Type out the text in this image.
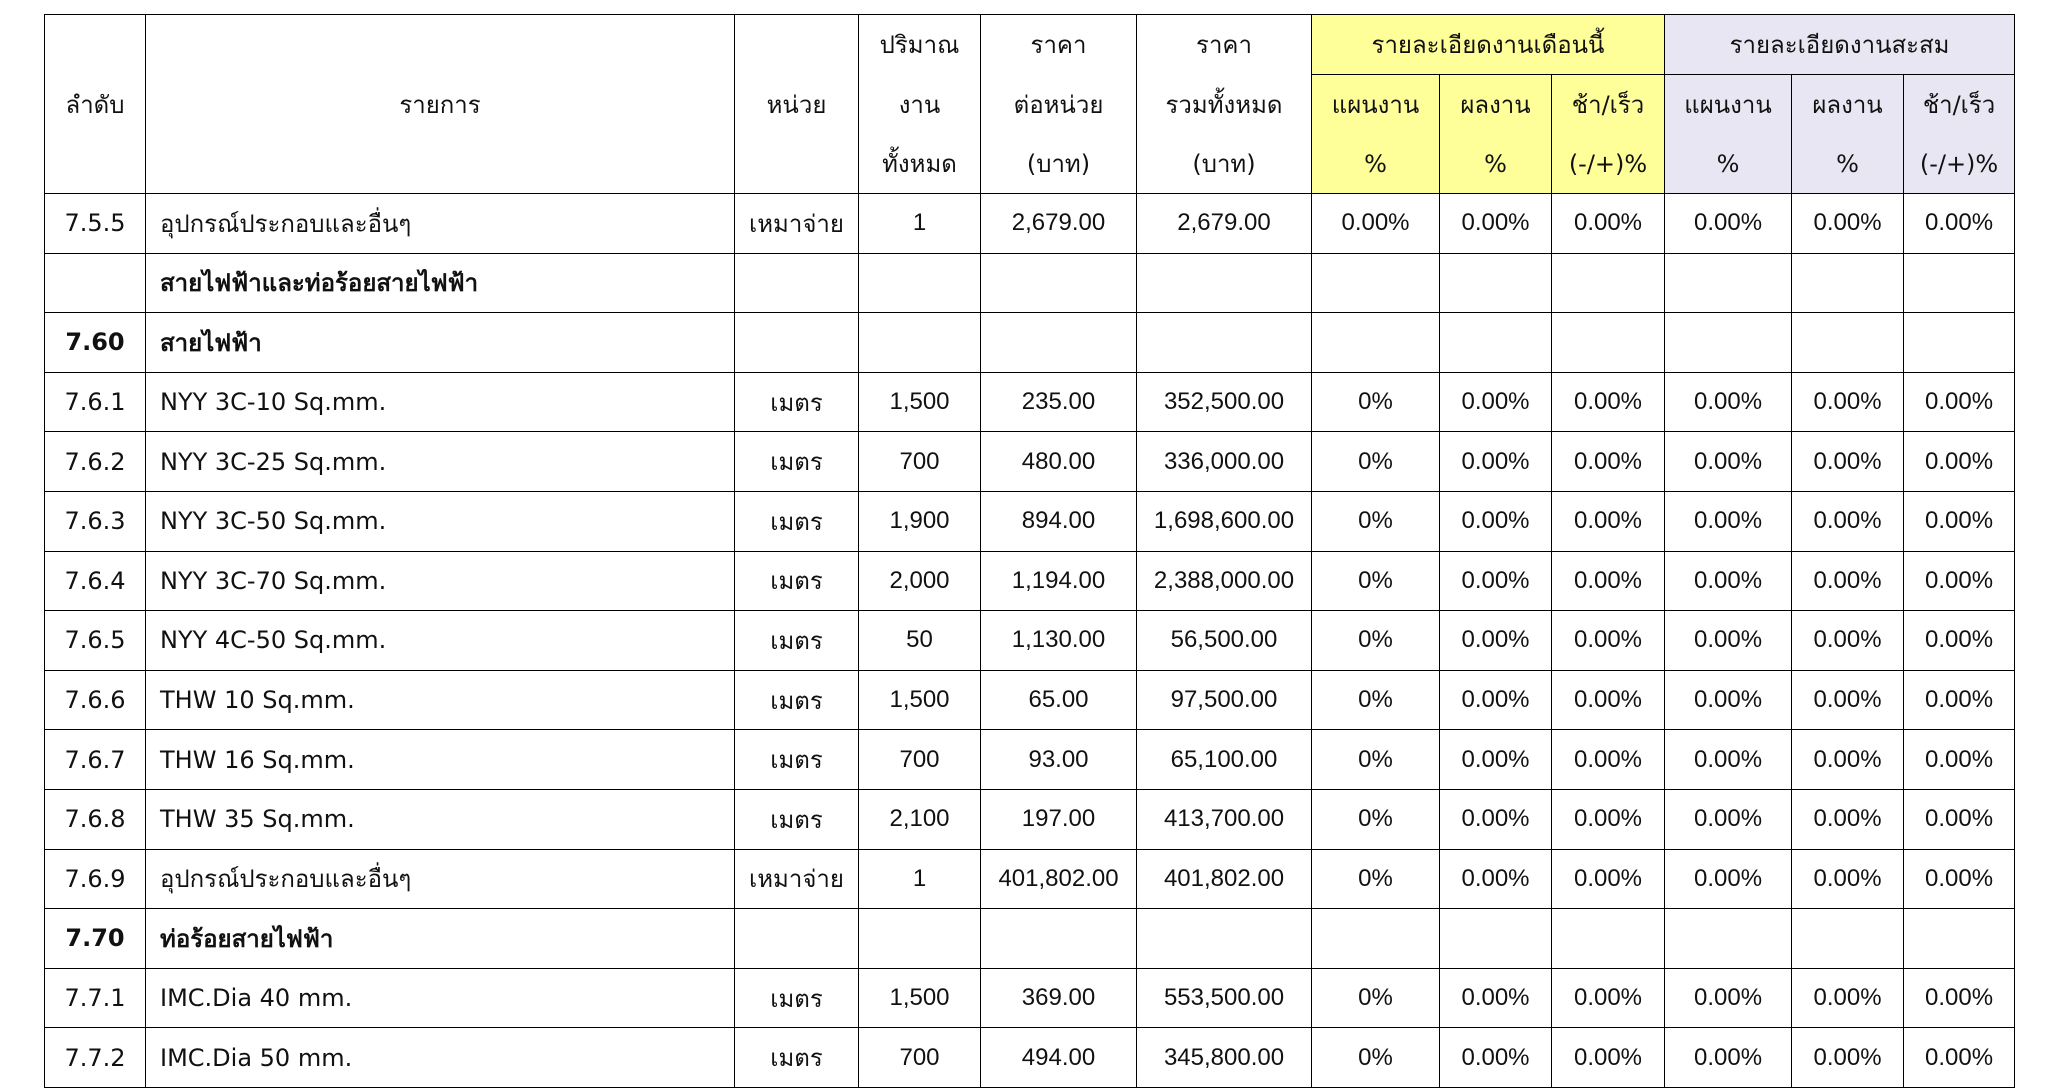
ลำดับ	รายการ	หน่วย	ปริมาณ	ราคา	ราคา	รายละเอียดงานเดือนนี้			รายละเอียดงานสะสม		
			งาน	ต่อหน่วย	รวมทั้งหมด	แผนงาน	ผลงาน	ช้า/เร็ว	แผนงาน	ผลงาน	ช้า/เร็ว
			ทั้งหมด	(บาท)	(บาท)	%	%	(-/+)%	%	%	(-/+)%
7.5.5	อุปกรณ์ประกอบและอื่นๆ	เหมาจ่าย	1	2,679.00	2,679.00	0.00%	0.00%	0.00%	0.00%	0.00%	0.00%
	สายไฟฟ้าและท่อร้อยสายไฟฟ้า										
7.60	สายไฟฟ้า										
7.6.1	NYY 3C-10 Sq.mm.	เมตร	1,500	235.00	352,500.00	0%	0.00%	0.00%	0.00%	0.00%	0.00%
7.6.2	NYY 3C-25 Sq.mm.	เมตร	700	480.00	336,000.00	0%	0.00%	0.00%	0.00%	0.00%	0.00%
7.6.3	NYY 3C-50 Sq.mm.	เมตร	1,900	894.00	1,698,600.00	0%	0.00%	0.00%	0.00%	0.00%	0.00%
7.6.4	NYY 3C-70 Sq.mm.	เมตร	2,000	1,194.00	2,388,000.00	0%	0.00%	0.00%	0.00%	0.00%	0.00%
7.6.5	NYY 4C-50 Sq.mm.	เมตร	50	1,130.00	56,500.00	0%	0.00%	0.00%	0.00%	0.00%	0.00%
7.6.6	THW 10 Sq.mm.	เมตร	1,500	65.00	97,500.00	0%	0.00%	0.00%	0.00%	0.00%	0.00%
7.6.7	THW 16 Sq.mm.	เมตร	700	93.00	65,100.00	0%	0.00%	0.00%	0.00%	0.00%	0.00%
7.6.8	THW 35 Sq.mm.	เมตร	2,100	197.00	413,700.00	0%	0.00%	0.00%	0.00%	0.00%	0.00%
7.6.9	อุปกรณ์ประกอบและอื่นๆ	เหมาจ่าย	1	401,802.00	401,802.00	0%	0.00%	0.00%	0.00%	0.00%	0.00%
7.70	ท่อร้อยสายไฟฟ้า										
7.7.1	IMC.Dia 40 mm.	เมตร	1,500	369.00	553,500.00	0%	0.00%	0.00%	0.00%	0.00%	0.00%
7.7.2	IMC.Dia 50 mm.	เมตร	700	494.00	345,800.00	0%	0.00%	0.00%	0.00%	0.00%	0.00%
